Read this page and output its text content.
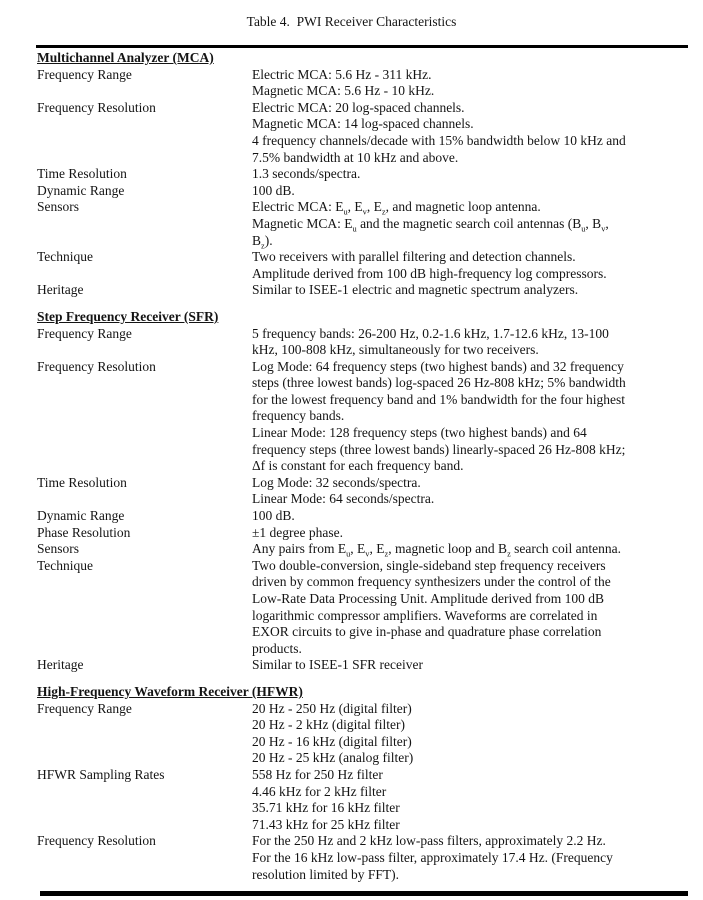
Table 4.  PWI Receiver Characteristics
Multichannel Analyzer (MCA)
Frequency Range	Electric MCA: 5.6 Hz - 311 kHz.
Magnetic MCA: 5.6 Hz - 10 kHz.
Frequency Resolution	Electric MCA: 20 log-spaced channels.
Magnetic MCA: 14 log-spaced channels.
4 frequency channels/decade with 15% bandwidth below 10 kHz and
7.5% bandwidth at 10 kHz and above.
Time Resolution	1.3 seconds/spectra.
Dynamic Range	100 dB.
Sensors	Electric MCA: $E_u$, $E_v$, $E_z$, and magnetic loop antenna.
Magnetic MCA: $E_u$ and the magnetic search coil antennas ($B_u$, $B_v$,
$B_z$).
Technique	Two receivers with parallel filtering and detection channels.
Amplitude derived from 100 dB high-frequency log compressors.
Heritage	Similar to ISEE-1 electric and magnetic spectrum analyzers.
Step Frequency Receiver (SFR)
Frequency Range	5 frequency bands: 26-200 Hz, 0.2-1.6 kHz, 1.7-12.6 kHz, 13-100
kHz, 100-808 kHz, simultaneously for two receivers.
Frequency Resolution	Log Mode: 64 frequency steps (two highest bands) and 32 frequency
steps (three lowest bands) log-spaced 26 Hz-808 kHz; 5% bandwidth
for the lowest frequency band and 1% bandwidth for the four highest
frequency bands.
Linear Mode: 128 frequency steps (two highest bands) and 64
frequency steps (three lowest bands) linearly-spaced 26 Hz-808 kHz;
Δf is constant for each frequency band.
Time Resolution	Log Mode: 32 seconds/spectra.
Linear Mode: 64 seconds/spectra.
Dynamic Range	100 dB.
Phase Resolution	±1 degree phase.
Sensors	Any pairs from $E_u$, $E_v$, $E_z$, magnetic loop and $B_z$ search coil antenna.
Technique	Two double-conversion, single-sideband step frequency receivers
driven by common frequency synthesizers under the control of the
Low-Rate Data Processing Unit. Amplitude derived from 100 dB
logarithmic compressor amplifiers. Waveforms are correlated in
EXOR circuits to give in-phase and quadrature phase correlation
products.
Heritage	Similar to ISEE-1 SFR receiver
High-Frequency Waveform Receiver (HFWR)
Frequency Range	20 Hz - 250 Hz (digital filter)
20 Hz - 2 kHz (digital filter)
20 Hz - 16 kHz (digital filter)
20 Hz - 25 kHz (analog filter)
HFWR Sampling Rates	558 Hz for 250 Hz filter
4.46 kHz for 2 kHz filter
35.71 kHz for 16 kHz filter
71.43 kHz for 25 kHz filter
Frequency Resolution	For the 250 Hz and 2 kHz low-pass filters, approximately 2.2 Hz.
For the 16 kHz low-pass filter, approximately 17.4 Hz. (Frequency
resolution limited by FFT).
